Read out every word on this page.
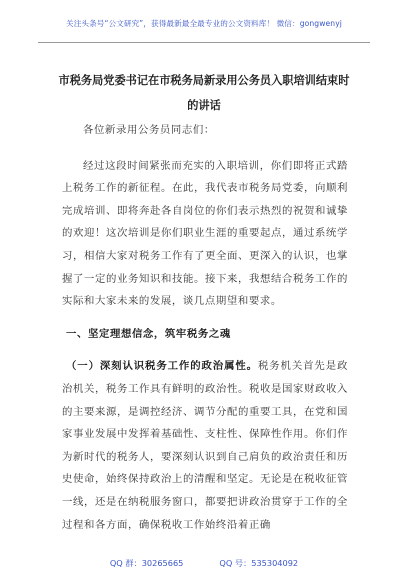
关注头条号“公文研究”，获得最新最全最专业的公文资料库！ 微信：gongwenyj
市税务局党委书记在市税务局新录用公务员入职培训结束时的讲话

各位新录用公务员同志们：

经过这段时间紧张而充实的入职培训，你们即将正式踏上税务工作的新征程。在此，我代表市税务局党委，向顺利完成培训、即将奔赴各自岗位的你们表示热烈的祝贺和诚挚的欢迎！这次培训是你们职业生涯的重要起点，通过系统学习，相信大家对税务工作有了更全面、更深入的认识，也掌握了一定的业务知识和技能。接下来，我想结合税务工作的实际和大家未来的发展，谈几点期望和要求。

一、坚定理想信念，筑牢税务之魂

（一）深刻认识税务工作的政治属性。税务机关首先是政治机关，税务工作具有鲜明的政治性。税收是国家财政收入的主要来源，是调控经济、调节分配的重要工具，在党和国家事业发展中发挥着基础性、支柱性、保障性作用。你们作为新时代的税务人，要深刻认识到自己肩负的政治责任和历史使命，始终保持政治上的清醒和坚定。无论是在税收征管一线，还是在纳税服务窗口，都要把讲政治贯穿于工作的全过程和各方面，确保税收工作始终沿着正确

QQ 群：30265665	QQ 号：535304092
